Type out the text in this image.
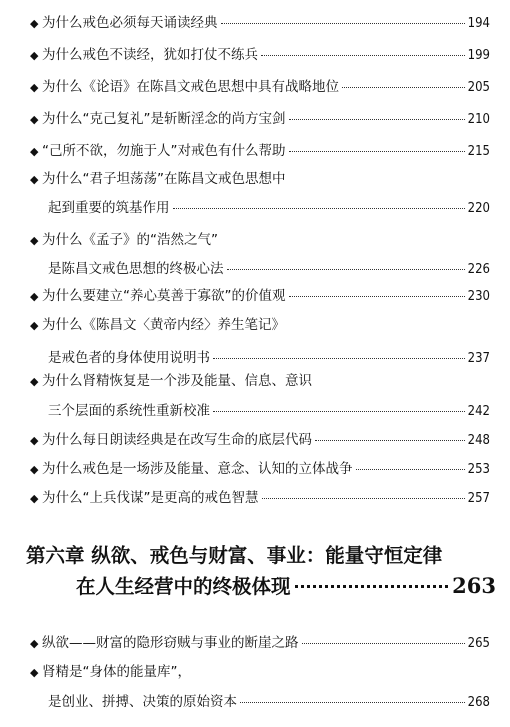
◆ 为什么戒色必须每天诵读经典	194
◆ 为什么戒色不读经，犹如打仗不练兵	199
◆ 为什么《论语》在陈昌文戒色思想中具有战略地位	205
◆ 为什么“克己复礼”是斩断淫念的尚方宝剑	210
◆ “己所不欲，勿施于人”对戒色有什么帮助	215
◆ 为什么“君子坦荡荡”在陈昌文戒色思想中
起到重要的筑基作用	220
◆ 为什么《孟子》的“浩然之气”
是陈昌文戒色思想的终极心法	226
◆ 为什么要建立“养心莫善于寡欲”的价值观	230
◆ 为什么《陈昌文〈黄帝内经〉养生笔记》
是戒色者的身体使用说明书	237
◆ 为什么肾精恢复是一个涉及能量、信息、意识
三个层面的系统性重新校准	242
◆ 为什么每日朗读经典是在改写生命的底层代码	248
◆ 为什么戒色是一场涉及能量、意念、认知的立体战争	253
◆ 为什么“上兵伐谋”是更高的戒色智慧	257
第六章 纵欲、戒色与财富、事业：能量守恒定律
在人生经营中的终极体现	263
◆ 纵欲——财富的隐形窃贼与事业的断崖之路	265
◆ 肾精是“身体的能量库”，
是创业、拼搏、决策的原始资本	268
